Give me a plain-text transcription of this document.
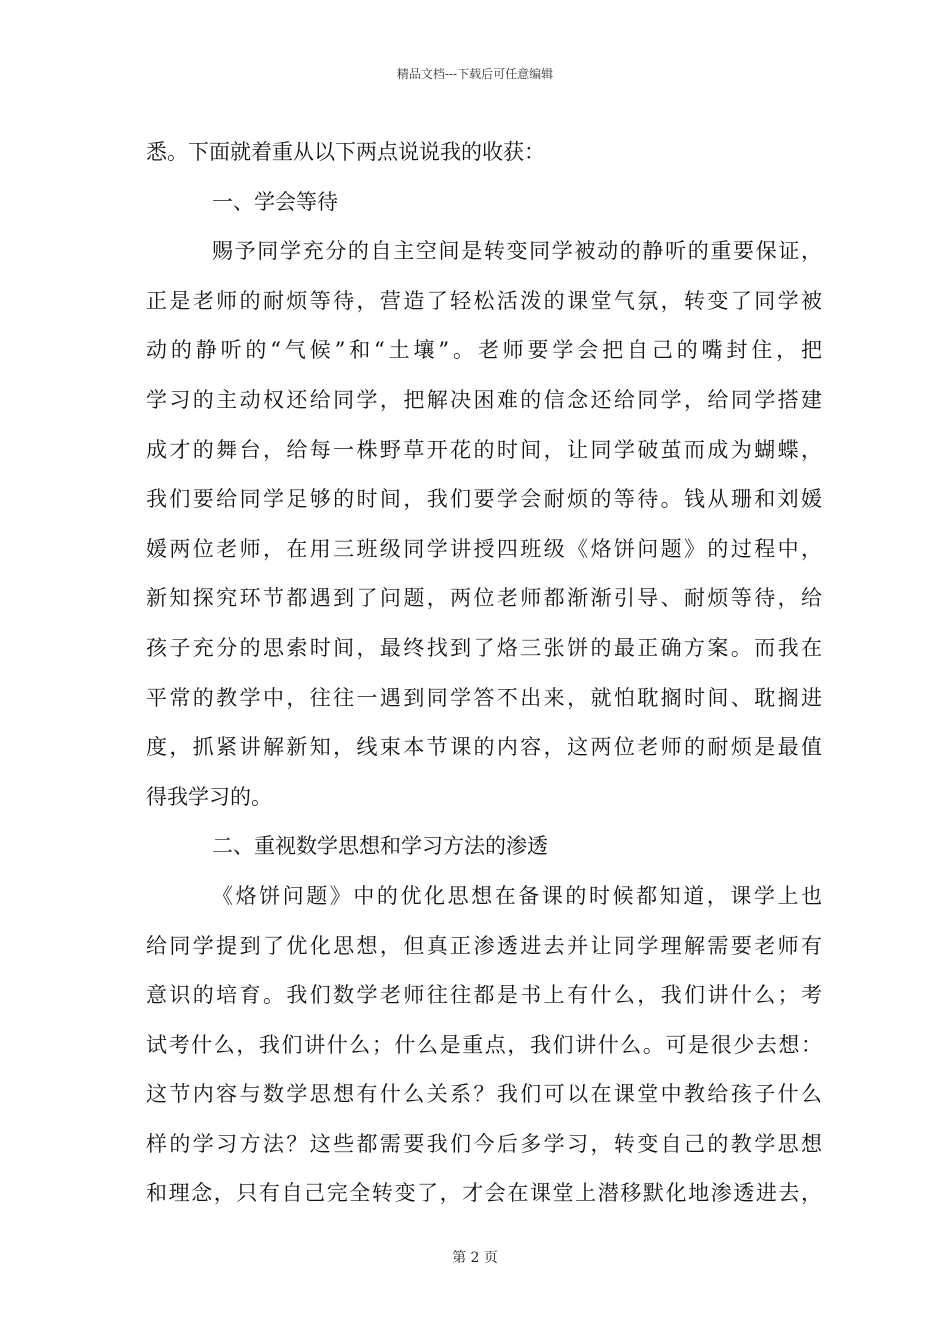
精品文档---下载后可任意编辑
悉。下面就着重从以下两点说说我的收获：
一、学会等待
赐予同学充分的自主空间是转变同学被动的静听的重要保证，
正是老师的耐烦等待，营造了轻松活泼的课堂气氛，转变了同学被
动的静听的“气候”和“土壤”。老师要学会把自己的嘴封住，把
学习的主动权还给同学，把解决困难的信念还给同学，给同学搭建
成才的舞台，给每一株野草开花的时间，让同学破茧而成为蝴蝶，
我们要给同学足够的时间，我们要学会耐烦的等待。钱从珊和刘媛
媛两位老师，在用三班级同学讲授四班级《烙饼问题》的过程中，
新知探究环节都遇到了问题，两位老师都渐渐引导、耐烦等待，给
孩子充分的思索时间，最终找到了烙三张饼的最正确方案。而我在
平常的教学中，往往一遇到同学答不出来，就怕耽搁时间、耽搁进
度，抓紧讲解新知，线束本节课的内容，这两位老师的耐烦是最值
得我学习的。
二、重视数学思想和学习方法的渗透
《烙饼问题》中的优化思想在备课的时候都知道，课学上也
给同学提到了优化思想，但真正渗透进去并让同学理解需要老师有
意识的培育。我们数学老师往往都是书上有什么，我们讲什么；考
试考什么，我们讲什么；什么是重点，我们讲什么。可是很少去想：
这节内容与数学思想有什么关系？我们可以在课堂中教给孩子什么
样的学习方法？这些都需要我们今后多学习，转变自己的教学思想
和理念，只有自己完全转变了，才会在课堂上潜移默化地渗透进去，
第 2 页
